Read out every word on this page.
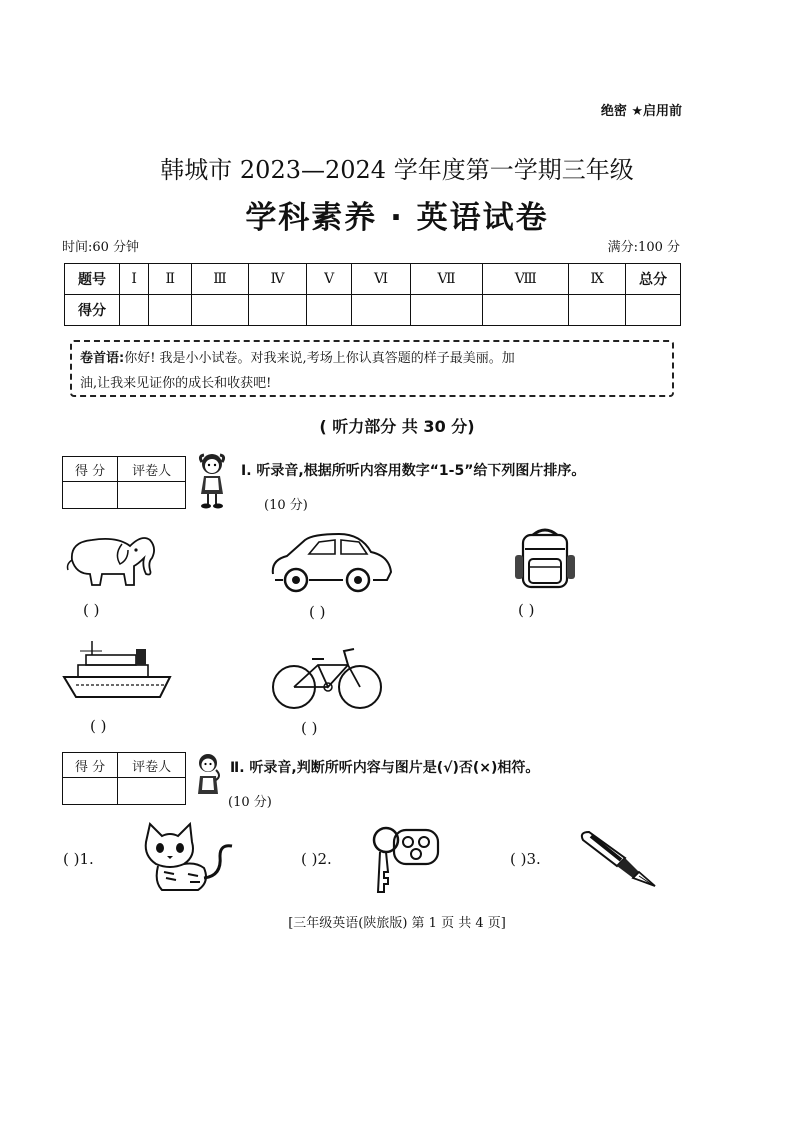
绝密 ★启用前
韩城市 2023—2024 学年度第一学期三年级
学科素养 · 英语试卷
时间:60 分钟	满分:100 分
题号	Ⅰ	Ⅱ	Ⅲ	Ⅳ	Ⅴ	Ⅵ	Ⅶ	Ⅷ	Ⅸ	总分
得分										
卷首语:你好! 我是小小试卷。对我来说,考场上你认真答题的样子最美丽。加
油,让我来见证你的成长和收获吧!
( 听力部分 共 30 分)
得 分	评卷人
		Ⅰ. 听录音,根据所听内容用数字“1-5”给下列图片排序。
(10 分)
( )	( )	( )
( )	( )
得 分	评卷人
		Ⅱ. 听录音,判断所听内容与图片是(√)否(×)相符。
(10 分)
( )1.	( )2.	( )3.
[三年级英语(陕旅版) 第 1 页 共 4 页]
